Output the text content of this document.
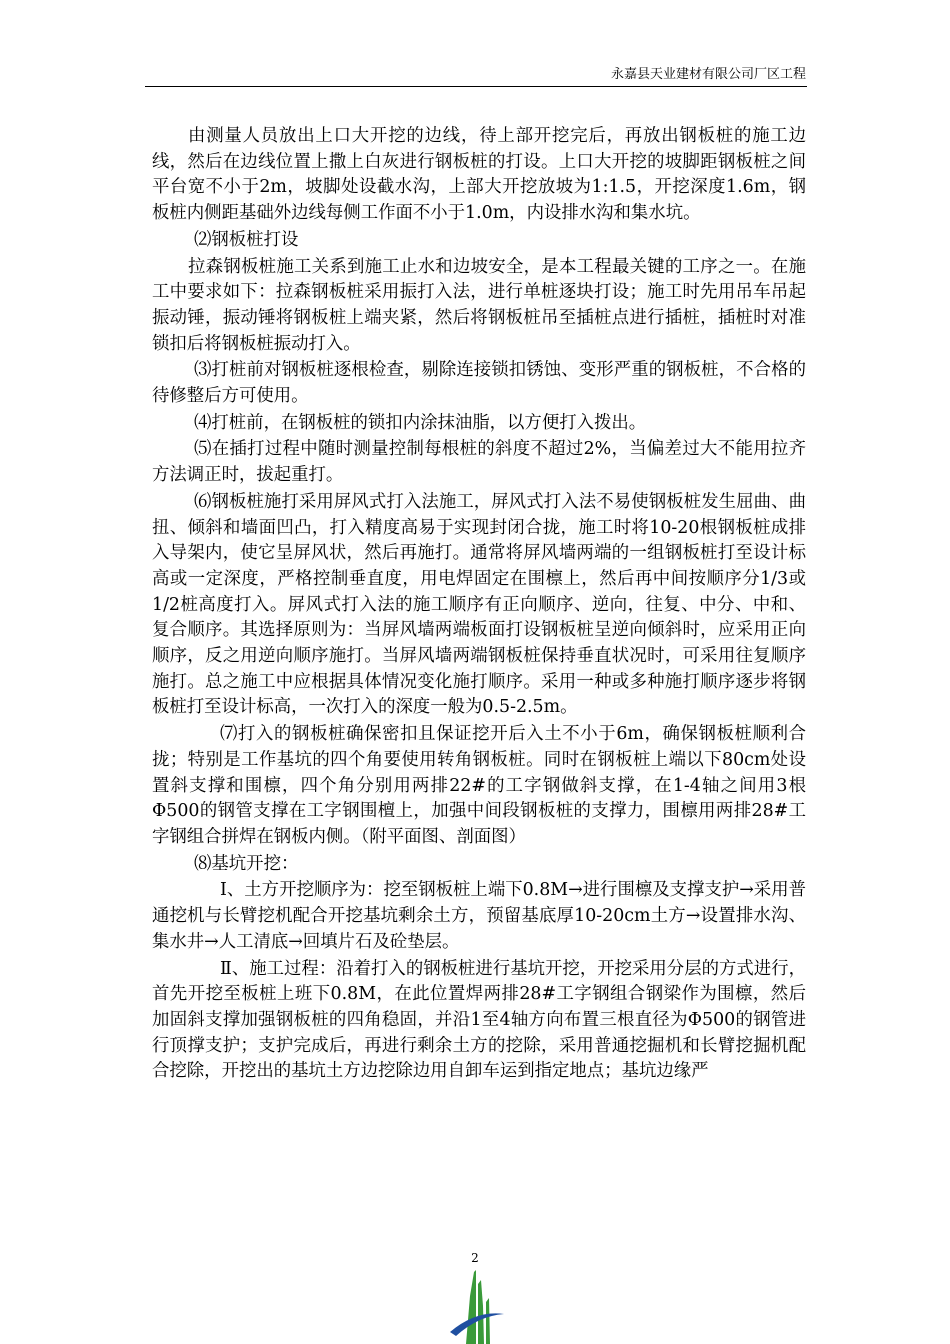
永嘉县天业建材有限公司厂区工程

由测量人员放出上口大开挖的边线，待上部开挖完后，再放出钢板桩的施工边线，然后在边线位置上撒上白灰进行钢板桩的打设。上口大开挖的坡脚距钢板桩之间平台宽不小于2m，坡脚处设截水沟，上部大开挖放坡为1:1.5，开挖深度1.6m，钢板桩内侧距基础外边线每侧工作面不小于1.0m，内设排水沟和集水坑。

⑵钢板桩打设

拉森钢板桩施工关系到施工止水和边坡安全，是本工程最关键的工序之一。在施工中要求如下：拉森钢板桩采用振打入法，进行单桩逐块打设；施工时先用吊车吊起振动锤，振动锤将钢板桩上端夹紧，然后将钢板桩吊至插桩点进行插桩，插桩时对准锁扣后将钢板桩振动打入。

⑶打桩前对钢板桩逐根检查，剔除连接锁扣锈蚀、变形严重的钢板桩，不合格的待修整后方可使用。

⑷打桩前，在钢板桩的锁扣内涂抹油脂，以方便打入拨出。

⑸在插打过程中随时测量控制每根桩的斜度不超过2%，当偏差过大不能用拉齐方法调正时，拔起重打。

⑹钢板桩施打采用屏风式打入法施工，屏风式打入法不易使钢板桩发生屈曲、曲扭、倾斜和墙面凹凸，打入精度高易于实现封闭合拢，施工时将10-20根钢板桩成排入导架内，使它呈屏风状，然后再施打。通常将屏风墙两端的一组钢板桩打至设计标高或一定深度，严格控制垂直度，用电焊固定在围檩上，然后再中间按顺序分1/3或1/2桩高度打入。屏风式打入法的施工顺序有正向顺序、逆向，往复、中分、中和、复合顺序。其选择原则为：当屏风墙两端板面打设钢板桩呈逆向倾斜时，应采用正向顺序，反之用逆向顺序施打。当屏风墙两端钢板桩保持垂直状况时，可采用往复顺序施打。总之施工中应根据具体情况变化施打顺序。采用一种或多种施打顺序逐步将钢板桩打至设计标高，一次打入的深度一般为0.5-2.5m。

⑺打入的钢板桩确保密扣且保证挖开后入土不小于6m，确保钢板桩顺利合拢；特别是工作基坑的四个角要使用转角钢板桩。同时在钢板桩上端以下80cm处设置斜支撑和围檩，四个角分别用两排22#的工字钢做斜支撑，在1-4轴之间用3根Φ500的钢管支撑在工字钢围檀上，加强中间段钢板桩的支撑力，围檩用两排28#工字钢组合拼焊在钢板内侧。（附平面图、剖面图）

⑻基坑开挖：

Ⅰ、土方开挖顺序为：挖至钢板桩上端下0.8M→进行围檩及支撑支护→采用普通挖机与长臂挖机配合开挖基坑剩余土方，预留基底厚10-20cm土方→设置排水沟、集水井→人工清底→回填片石及砼垫层。

Ⅱ、施工过程：沿着打入的钢板桩进行基坑开挖，开挖采用分层的方式进行，首先开挖至板桩上班下0.8M，在此位置焊两排28#工字钢组合钢梁作为围檩，然后加固斜支撑加强钢板桩的四角稳固，并沿1至4轴方向布置三根直径为Φ500的钢管进行顶撑支护；支护完成后，再进行剩余土方的挖除，采用普通挖掘机和长臂挖掘机配合挖除，开挖出的基坑土方边挖除边用自卸车运到指定地点；基坑边缘严

2
